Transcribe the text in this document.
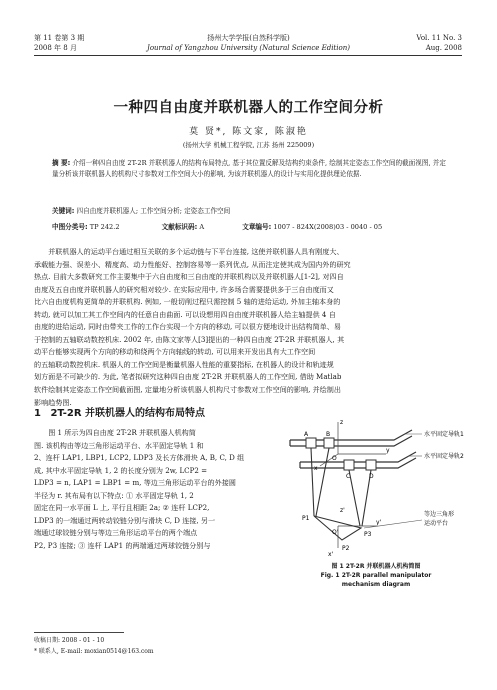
第 11 卷第 3 期
2008 年 8 月
扬州大学学报(自然科学版)
Journal of Yangzhou University (Natural Science Edition)
Vol. 11 No. 3
Aug. 2008
一种四自由度并联机器人的工作空间分析
莫 贤*, 陈文家, 陈淑艳
(扬州大学 机械工程学院, 江苏 扬州 225009)
摘 要: 介绍一种四自由度 2T-2R 并联机器人的结构布局特点, 基于其位置反解及结构约束条件, 绘制其定姿态工作空间的截面视图, 并定量分析该并联机器人的机构尺寸参数对工作空间大小的影响, 为该并联机器人的设计与实用化提供理论依据.
关键词: 四自由度并联机器人; 工作空间分析; 定姿态工作空间
中图分类号: TP 242.2	文献标识码: A	文章编号: 1007 - 824X(2008)03 - 0040 - 05
并联机器人的运动平台通过相互关联的多个运动链与下平台连接, 这使并联机器人具有刚度大、
承载能力强、误差小、精度高、动力性能好、控制容易等一系列优点, 从而注定使其成为国内外的研究
热点. 目前大多数研究工作主要集中于六自由度和三自由度的并联机构以及并联机器人[1-2], 对四自
由度及五自由度并联机器人的研究相对较少. 在实际应用中, 许多场合需要提供多于三自由度而又
比六自由度机构更简单的并联机构. 例如, 一般切削过程只需控制 5 轴的进给运动, 外加主轴本身的
转动, 就可以加工其工作空间内的任意自由曲面. 可以设想用四自由度并联机器人给主轴提供 4 自
由度的进给运动, 同时由带夹工作的工作台实现一个方向的移动, 可以很方便地设计出结构简单、易
于控制的五轴联动数控机床. 2002 年, 由陈文家等人[3]提出的一种四自由度 2T-2R 并联机器人, 其
动平台能够实现两个方向的移动和绕两个方向轴线的转动, 可以用来开发出具有大工作空间
的五轴联动数控机床. 机器人的工作空间是衡量机器人性能的重要指标, 在机器人的设计和轨迹规
划方面是不可缺少的. 为此, 笔者拟研究这种四自由度 2T-2R 并联机器人的工作空间, 借助 Matlab
软件绘制其定姿态工作空间截面图, 定量地分析该机器人机构尺寸参数对工作空间的影响, 并绘制出
影响趋势图.
1 2T-2R 并联机器人的结构布局特点
图 1 所示为四自由度 2T-2R 并联机器人机构简
图. 该机构由等边三角形运动平台、水平固定导轨 1 和
2、连杆 LAP1, LBP1, LCP2, LDP3 及长方体滑块 A, B, C, D 组
成, 其中水平固定导轨 1, 2 的长度分别为 2w, LCP2 =
LDP3 = n, LAP1 = LBP1 = m, 等边三角形运动平台的外接圆
半径为 r. 其布局有以下特点: ① 水平固定导轨 1, 2
固定在同一水平面 L 上, 平行且相距 2a; ② 连杆 LCP2,
LDP3 的一端通过两转动铰链分别与滑块 C, D 连接, 另一
端通过球铰链分别与等边三角形运动平台的两个端点
P2, P3 连接; ③ 连杆 LAP1 的两端通过两球铰链分别与
A	B
C	D
P1
P2
P3
O
O'
z
y
x
z'
y'
x'
水平固定导轨1
水平固定导轨2
等边三角形
运动平台
图 1 2T-2R 并联机器人机构简图
Fig. 1 2T-2R parallel manipulator
mechanism diagram
收稿日期: 2008 - 01 - 10
* 联系人, E-mail: moxian0514@163.com
